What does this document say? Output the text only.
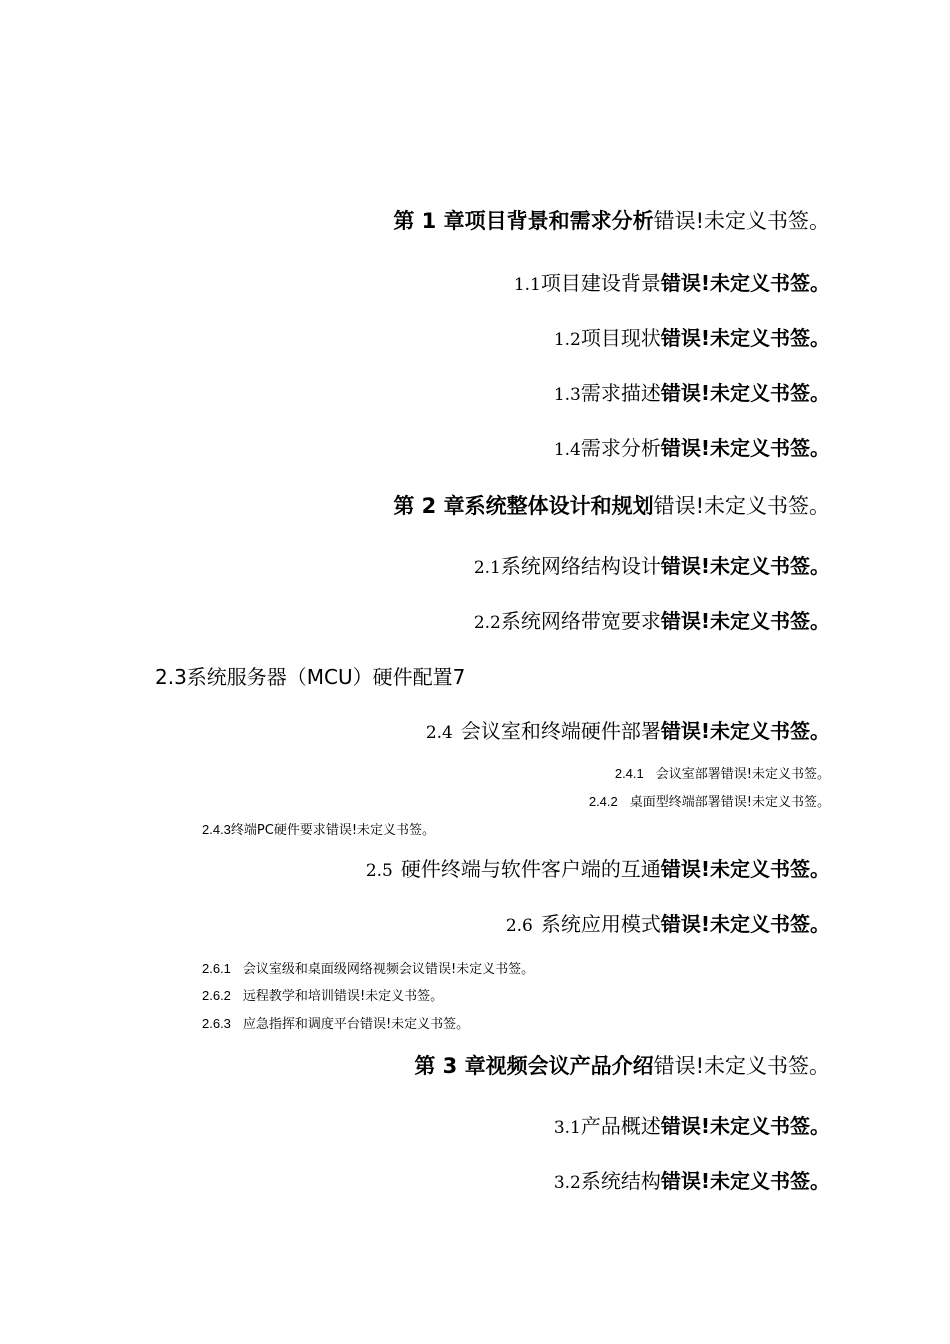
第 1 章项目背景和需求分析错误!未定义书签。
1.1项目建设背景错误!未定义书签。
1.2项目现状错误!未定义书签。
1.3需求描述错误!未定义书签。
1.4需求分析错误!未定义书签。
第 2 章系统整体设计和规划错误!未定义书签。
2.1系统网络结构设计错误!未定义书签。
2.2系统网络带宽要求错误!未定义书签。
2.3系统服务器（MCU）硬件配置7
2.4 会议室和终端硬件部署错误!未定义书签。
2.4.1 会议室部署错误!未定义书签。
2.4.2 桌面型终端部署错误!未定义书签。
2.4.3终端PC硬件要求错误!未定义书签。
2.5 硬件终端与软件客户端的互通错误!未定义书签。
2.6 系统应用模式错误!未定义书签。
2.6.1 会议室级和桌面级网络视频会议错误!未定义书签。
2.6.2 远程教学和培训错误!未定义书签。
2.6.3 应急指挥和调度平台错误!未定义书签。
第 3 章视频会议产品介绍错误!未定义书签。
3.1产品概述错误!未定义书签。
3.2系统结构错误!未定义书签。
